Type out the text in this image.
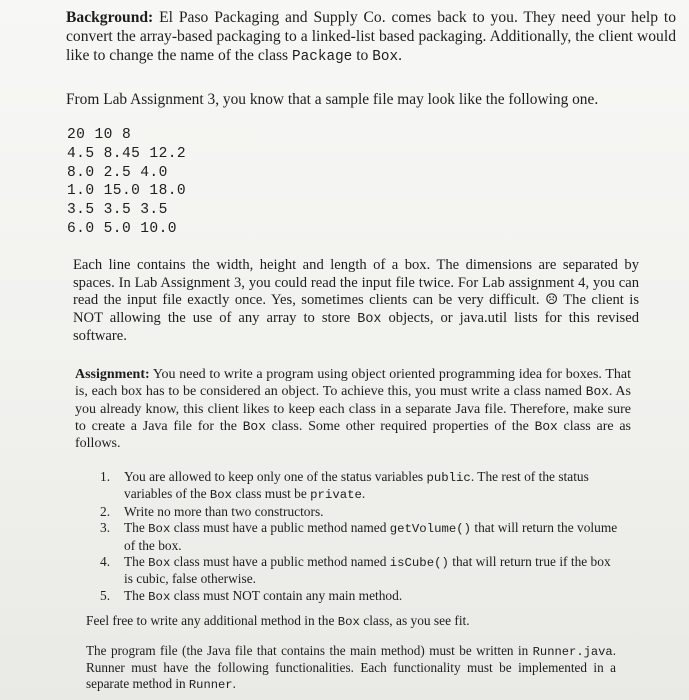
Background: El Paso Packaging and Supply Co. comes back to you. They need your help to convert the array-based packaging to a linked-list based packaging. Additionally, the client would like to change the name of the class Package to Box.

From Lab Assignment 3, you know that a sample file may look like the following one.

20 10 8
4.5 8.45 12.2
8.0 2.5 4.0
1.0 15.0 18.0
3.5 3.5 3.5
6.0 5.0 10.0

Each line contains the width, height and length of a box. The dimensions are separated by spaces. In Lab Assignment 3, you could read the input file twice. For Lab assignment 4, you can read the input file exactly once. Yes, sometimes clients can be very difficult. ☹ The client is NOT allowing the use of any array to store Box objects, or java.util lists for this revised software.

Assignment: You need to write a program using object oriented programming idea for boxes. That is, each box has to be considered an object. To achieve this, you must write a class named Box. As you already know, this client likes to keep each class in a separate Java file. Therefore, make sure to create a Java file for the Box class. Some other required properties of the Box class are as follows.

1. You are allowed to keep only one of the status variables public. The rest of the status variables of the Box class must be private.
2. Write no more than two constructors.
3. The Box class must have a public method named getVolume() that will return the volume of the box.
4. The Box class must have a public method named isCube() that will return true if the box is cubic, false otherwise.
5. The Box class must NOT contain any main method.

Feel free to write any additional method in the Box class, as you see fit.

The program file (the Java file that contains the main method) must be written in Runner.java. Runner must have the following functionalities. Each functionality must be implemented in a separate method in Runner.
